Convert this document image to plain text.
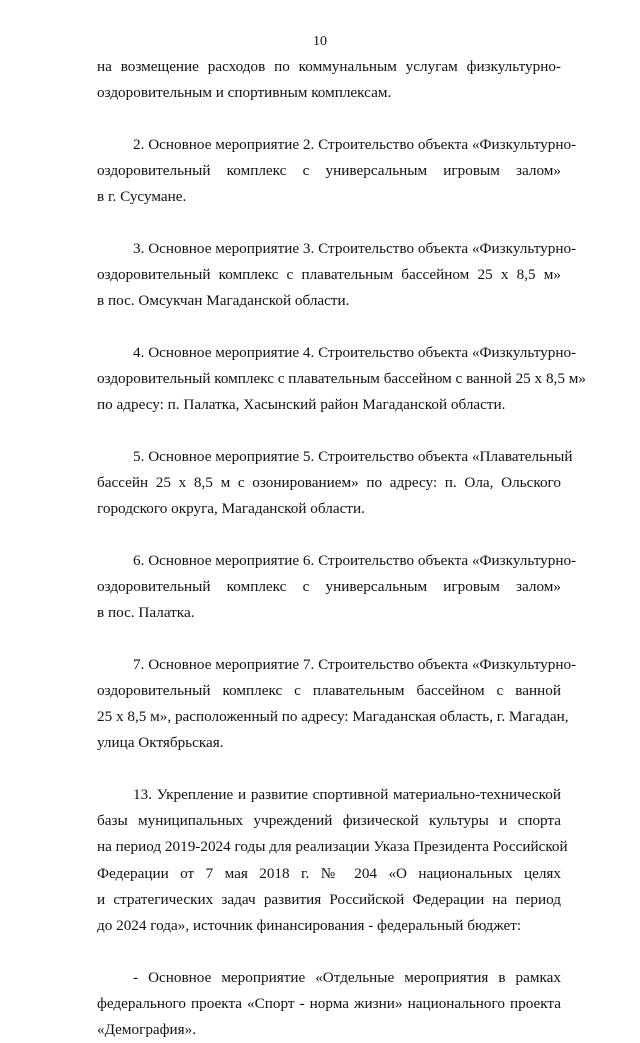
10

на возмещение расходов по коммунальным услугам физкультурно-
оздоровительным и спортивным комплексам.

2. Основное мероприятие 2. Строительство объекта «Физкультурно-
оздоровительный комплекс с универсальным игровым залом»
в г. Сусумане.

3. Основное мероприятие 3. Строительство объекта «Физкультурно-
оздоровительный комплекс с плавательным бассейном 25 х 8,5 м»
в пос. Омсукчан Магаданской области.

4. Основное мероприятие 4. Строительство объекта «Физкультурно-
оздоровительный комплекс с плавательным бассейном с ванной 25 х 8,5 м»
по адресу: п. Палатка, Хасынский район Магаданской области.

5. Основное мероприятие 5. Строительство объекта «Плавательный
бассейн 25 х 8,5 м с озонированием» по адресу: п. Ола, Ольского
городского округа, Магаданской области.

6. Основное мероприятие 6. Строительство объекта «Физкультурно-
оздоровительный комплекс с универсальным игровым залом»
в пос. Палатка.

7. Основное мероприятие 7. Строительство объекта «Физкультурно-
оздоровительный комплекс с плавательным бассейном с ванной
25 х 8,5 м», расположенный по адресу: Магаданская область, г. Магадан,
улица Октябрьская.

13. Укрепление и развитие спортивной материально-технической
базы муниципальных учреждений физической культуры и спорта
на период 2019-2024 годы для реализации Указа Президента Российской
Федерации от 7 мая 2018 г. № 204 «О национальных целях
и стратегических задач развития Российской Федерации на период
до 2024 года», источник финансирования - федеральный бюджет:

- Основное мероприятие «Отдельные мероприятия в рамках
федерального проекта «Спорт - норма жизни» национального проекта
«Демография».
